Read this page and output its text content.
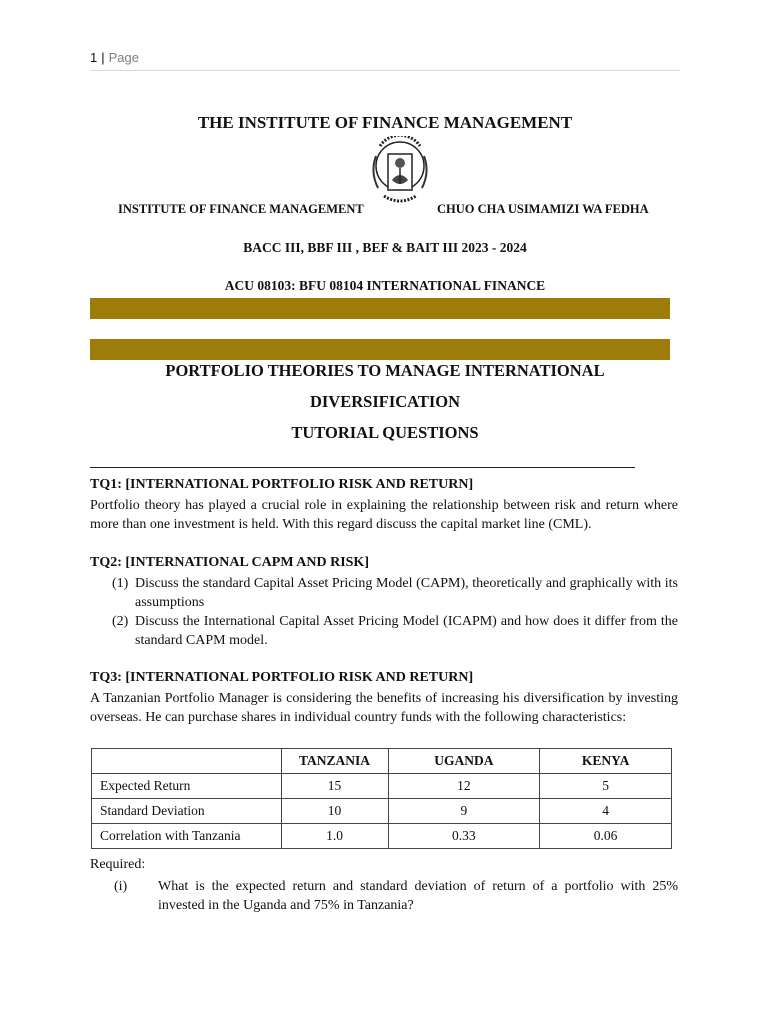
1 | Page
THE INSTITUTE OF FINANCE MANAGEMENT
INSTITUTE OF FINANCE MANAGEMENT	CHUO CHA USIMAMIZI WA FEDHA
BACC III, BBF III , BEF & BAIT III 2023 - 2024
ACU 08103: BFU 08104 INTERNATIONAL FINANCE
PORTFOLIO THEORIES TO MANAGE INTERNATIONAL
DIVERSIFICATION
TUTORIAL QUESTIONS
TQ1: [INTERNATIONAL PORTFOLIO RISK AND RETURN]
Portfolio theory has played a crucial role in explaining the relationship between risk and return where more than one investment is held. With this regard discuss the capital market line (CML).
TQ2: [INTERNATIONAL CAPM AND RISK]
(1) Discuss the standard Capital Asset Pricing Model (CAPM), theoretically and graphically with its assumptions
(2) Discuss the International Capital Asset Pricing Model (ICAPM) and how does it differ from the standard CAPM model.
TQ3: [INTERNATIONAL PORTFOLIO RISK AND RETURN]
A Tanzanian Portfolio Manager is considering the benefits of increasing his diversification by investing overseas. He can purchase shares in individual country funds with the following characteristics:
	TANZANIA	UGANDA	KENYA
Expected Return	15	12	5
Standard Deviation	10	9	4
Correlation with Tanzania	1.0	0.33	0.06
Required:
(i)	What is the expected return and standard deviation of return of a portfolio with 25% invested in the Uganda and 75% in Tanzania?
